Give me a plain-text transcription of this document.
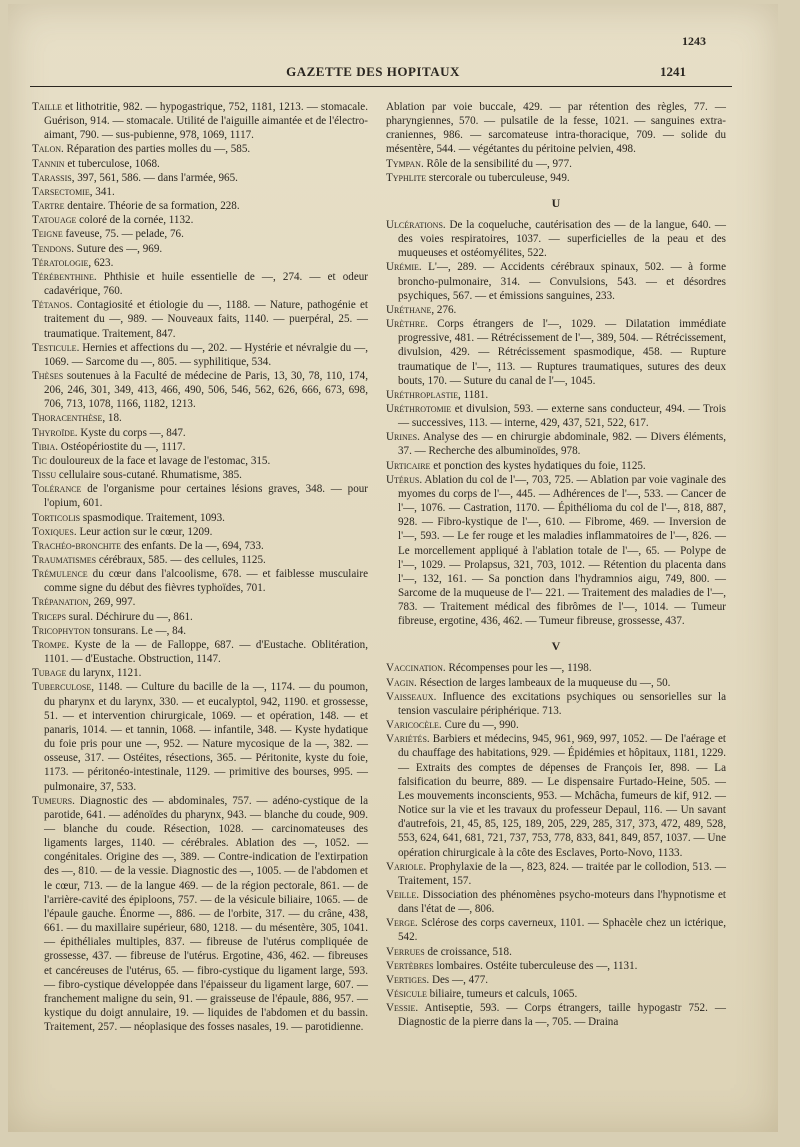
1243
1241
GAZETTE DES HOPITAUX

Taille et lithotritie, 982. — hypogastrique, 752, 1181, 1213. — stomacale. Guérison, 914. — stomacale. Utilité de l'aiguille aimantée et de l'électro-aimant, 790. — sus-pubienne, 978, 1069, 1117.

Talon. Réparation des parties molles du —, 585.

Tannin et tuberculose, 1068.

Tarassis, 397, 561, 586. — dans l'armée, 965.

Tarsectomie, 341.

Tartre dentaire. Théorie de sa formation, 228.

Tatouage coloré de la cornée, 1132.

Teigne faveuse, 75. — pelade, 76.

Tendons. Suture des —, 969.

Tératologie, 623.

Térébenthine. Phthisie et huile essentielle de —, 274. — et odeur cadavérique, 760.

Tétanos. Contagiosité et étiologie du —, 1188. — Nature, pathogénie et traitement du —, 989. — Nouveaux faits, 1140. — puerpéral, 25. — traumatique. Traitement, 847.

Testicule. Hernies et affections du —, 202. — Hystérie et névralgie du —, 1069. — Sarcome du —, 805. — syphilitique, 534.

Thèses soutenues à la Faculté de médecine de Paris, 13, 30, 78, 110, 174, 206, 246, 301, 349, 413, 466, 490, 506, 546, 562, 626, 666, 673, 698, 706, 713, 1078, 1166, 1182, 1213.

Thoracenthèse, 18.

Thyroïde. Kyste du corps —, 847.

Tibia. Ostéopériostite du —, 1117.

Tic douloureux de la face et lavage de l'estomac, 315.

Tissu cellulaire sous-cutané. Rhumatisme, 385.

Tolérance de l'organisme pour certaines lésions graves, 348. — pour l'opium, 601.

Torticolis spasmodique. Traitement, 1093.

Toxiques. Leur action sur le cœur, 1209.

Trachéo-bronchite des enfants. De la —, 694, 733.

Traumatismes cérébraux, 585. — des cellules, 1125.

Trémulence du cœur dans l'alcoolisme, 678. — et faiblesse musculaire comme signe du début des fièvres typhoïdes, 701.

Trépanation, 269, 997.

Triceps sural. Déchirure du —, 861.

Tricophyton tonsurans. Le —, 84.

Trompe. Kyste de la — de Falloppe, 687. — d'Eustache. Oblitération, 1101. — d'Eustache. Obstruction, 1147.

Tubage du larynx, 1121.

Tuberculose, 1148. — Culture du bacille de la —, 1174. — du poumon, du pharynx et du larynx, 330. — et eucalyptol, 942, 1190. et grossesse, 51. — et intervention chirurgicale, 1069. — et opération, 148. — et panaris, 1014. — et tannin, 1068. — infantile, 348. — Kyste hydatique du foie pris pour une —, 952. — Nature mycosique de la —, 382. — osseuse, 317. — Ostéites, résections, 365. — Péritonite, kyste du foie, 1173. — péritonéo-intestinale, 1129. — primitive des bourses, 995. — pulmonaire, 37, 533.

Tumeurs. Diagnostic des — abdominales, 757. — adéno-cystique de la parotide, 641. — adénoïdes du pharynx, 943. — blanche du coude, 909. — blanche du coude. Résection, 1028. — carcinomateuses des ligaments larges, 1140. — cérébrales. Ablation des —, 1052. — congénitales. Origine des —, 389. — Contre-indication de l'extirpation des —, 810. — de la vessie. Diagnostic des —, 1005. — de l'abdomen et le cœur, 713. — de la langue 469. — de la région pectorale, 861. — de l'arrière-cavité des épiploons, 757. — de la vésicule biliaire, 1065. — de l'épaule gauche. Énorme —, 886. — de l'orbite, 317. — du crâne, 438, 661. — du maxillaire supérieur, 680, 1218. — du mésentère, 305, 1041. — épithéliales multiples, 837. — fibreuse de l'utérus compliquée de grossesse, 437. — fibreuse de l'utérus. Ergotine, 436, 462. — fibreuses et cancéreuses de l'utérus, 65. — fibro-cystique du ligament large, 593. — fibro-cystique développée dans l'épaisseur du ligament large, 607. — franchement maligne du sein, 91. — graisseuse de l'épaule, 886, 957. — kystique du doigt annulaire, 19. — liquides de l'abdomen et du bassin. Traitement, 257. — néoplasique des fosses nasales, 19. — parotidienne.

Ablation par voie buccale, 429. — par rétention des règles, 77. — pharyngiennes, 570. — pulsatile de la fesse, 1021. — sanguines extra-craniennes, 986. — sarcomateuse intra-thoracique, 709. — solide du mésentère, 544. — végétantes du péritoine pelvien, 498.

Tympan. Rôle de la sensibilité du —, 977.

Typhlite stercorale ou tuberculeuse, 949.

U

Ulcérations. De la coqueluche, cautérisation des — de la langue, 640. — des voies respiratoires, 1037. — superficielles de la peau et des muqueuses et ostéomyélites, 522.

Urémie. L'—, 289. — Accidents cérébraux spinaux, 502. — à forme broncho-pulmonaire, 314. — Convulsions, 543. — et désordres psychiques, 567. — et émissions sanguines, 233.

Uréthane, 276.

Urèthre. Corps étrangers de l'—, 1029. — Dilatation immédiate progressive, 481. — Rétrécissement de l'—, 389, 504. — Rétrécissement, divulsion, 429. — Rétrécissement spasmodique, 458. — Rupture traumatique de l'—, 113. — Ruptures traumatiques, sutures des deux bouts, 170. — Suture du canal de l'—, 1045.

Uréthroplastie, 1181.

Uréthrotomie et divulsion, 593. — externe sans conducteur, 494. — Trois — successives, 113. — interne, 429, 437, 521, 522, 617.

Urines. Analyse des — en chirurgie abdominale, 982. — Divers éléments, 37. — Recherche des albuminoïdes, 978.

Urticaire et ponction des kystes hydatiques du foie, 1125.

Utérus. Ablation du col de l'—, 703, 725. — Ablation par voie vaginale des myomes du corps de l'—, 445. — Adhérences de l'—, 533. — Cancer de l'—, 1076. — Castration, 1170. — Épithélioma du col de l'—, 818, 887, 928. — Fibro-kystique de l'—, 610. — Fibrome, 469. — Inversion de l'—, 593. — Le fer rouge et les maladies inflammatoires de l'—, 826. — Le morcellement appliqué à l'ablation totale de l'—, 65. — Polype de l'—, 1029. — Prolapsus, 321, 703, 1012. — Rétention du placenta dans l'—, 132, 161. — Sa ponction dans l'hydramnios aigu, 749, 800. — Sarcome de la muqueuse de l'— 221. — Traitement des maladies de l'—, 783. — Traitement médical des fibrômes de l'—, 1014. — Tumeur fibreuse, ergotine, 436, 462. — Tumeur fibreuse, grossesse, 437.

V

Vaccination. Récompenses pour les —, 1198.

Vagin. Résection de larges lambeaux de la muqueuse du —, 50.

Vaisseaux. Influence des excitations psychiques ou sensorielles sur la tension vasculaire périphérique. 713.

Varicocèle. Cure du —, 990.

Variétés. Barbiers et médecins, 945, 961, 969, 997, 1052. — De l'aérage et du chauffage des habitations, 929. — Épidémies et hôpitaux, 1181, 1229. — Extraits des comptes de dépenses de François Ier, 898. — La falsification du beurre, 889. — Le dispensaire Furtado-Heine, 505. — Les mouvements inconscients, 953. — Mchâcha, fumeurs de kif, 912. — Notice sur la vie et les travaux du professeur Depaul, 116. — Un savant d'autrefois, 21, 45, 85, 125, 189, 205, 229, 285, 317, 373, 472, 489, 528, 553, 624, 641, 681, 721, 737, 753, 778, 833, 841, 849, 857, 1037. — Une opération chirurgicale à la côte des Esclaves, Porto-Novo, 1133.

Variole. Prophylaxie de la —, 823, 824. — traitée par le collodion, 513. — Traitement, 157.

Veille. Dissociation des phénomènes psycho-moteurs dans l'hypnotisme et dans l'état de —, 806.

Verge. Sclérose des corps caverneux, 1101. — Sphacèle chez un ictérique, 542.

Verrues de croissance, 518.

Vertèbres lombaires. Ostéite tuberculeuse des —, 1131.

Vertiges. Des —, 477.

Vésicule biliaire, tumeurs et calculs, 1065.

Vessie. Antiseptie, 593. — Corps étrangers, taille hypogastr 752. — Diagnostic de la pierre dans la —, 705. — Draina
